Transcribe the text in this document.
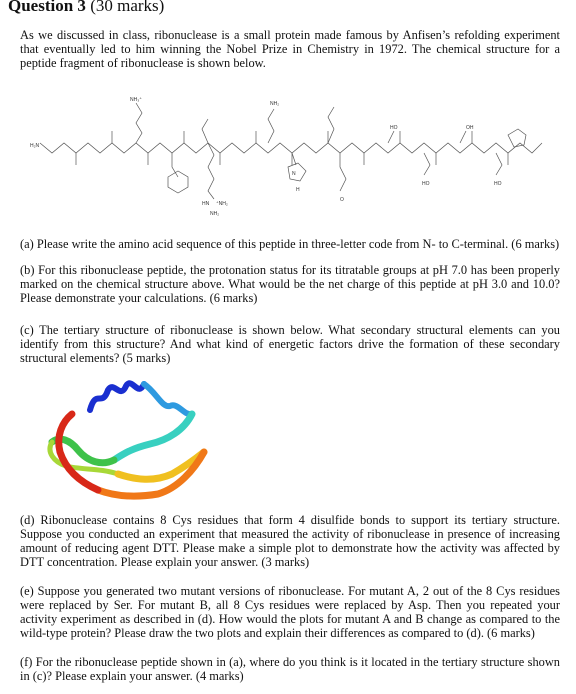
Question 3 (30 marks)

As we discussed in class, ribonuclease is a small protein made famous by Anfisen’s refolding experiment that eventually led to him winning the Nobel Prize in Chemistry in 1972. The chemical structure for a peptide fragment of ribonuclease is shown below.

H₂N
NH₃⁺
NH₂
HN ⁺NH₂
NH₂
N
H
O
HO	OH
HO	HO

(a) Please write the amino acid sequence of this peptide in three-letter code from N- to C-terminal. (6 marks)

(b) For this ribonuclease peptide, the protonation status for its titratable groups at pH 7.0 has been properly marked on the chemical structure above. What would be the net charge of this peptide at pH 3.0 and 10.0? Please demonstrate your calculations. (6 marks)

(c) The tertiary structure of ribonuclease is shown below. What secondary structural elements can you identify from this structure? And what kind of energetic factors drive the formation of these secondary structural elements? (5 marks)

(d) Ribonuclease contains 8 Cys residues that form 4 disulfide bonds to support its tertiary structure. Suppose you conducted an experiment that measured the activity of ribonuclease in presence of increasing amount of reducing agent DTT. Please make a simple plot to demonstrate how the activity was affected by DTT concentration. Please explain your answer. (3 marks)

(e) Suppose you generated two mutant versions of ribonuclease. For mutant A, 2 out of the 8 Cys residues were replaced by Ser. For mutant B, all 8 Cys residues were replaced by Asp. Then you repeated your activity experiment as described in (d). How would the plots for mutant A and B change as compared to the wild-type protein? Please draw the two plots and explain their differences as compared to (d). (6 marks)

(f) For the ribonuclease peptide shown in (a), where do you think is it located in the tertiary structure shown in (c)? Please explain your answer. (4 marks)
